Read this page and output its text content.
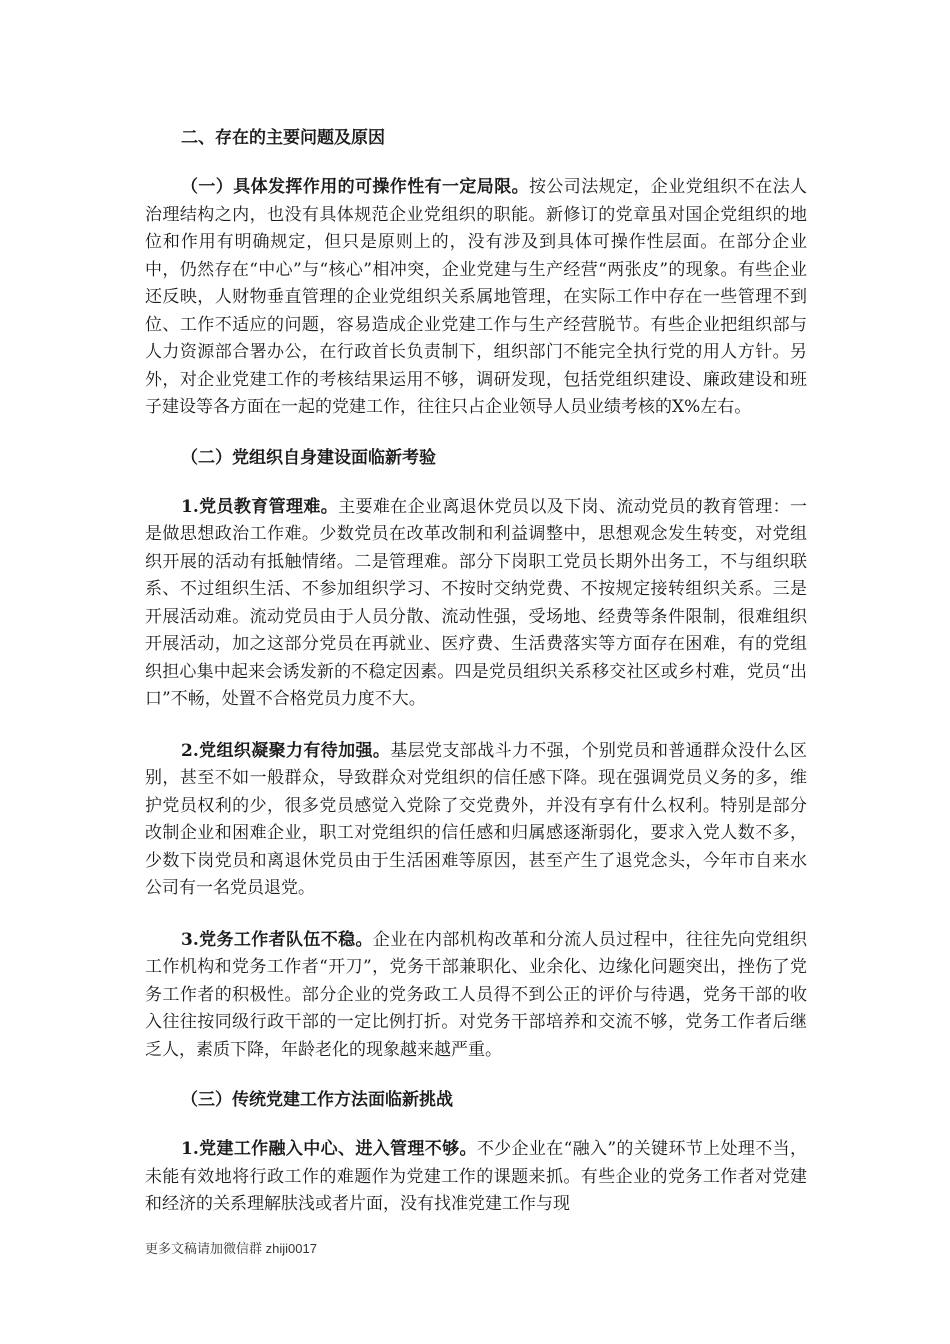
二、存在的主要问题及原因

（一）具体发挥作用的可操作性有一定局限。按公司法规定，企业党组织不在法人治理结构之内，也没有具体规范企业党组织的职能。新修订的党章虽对国企党组织的地位和作用有明确规定，但只是原则上的，没有涉及到具体可操作性层面。在部分企业中，仍然存在“中心”与“核心”相冲突，企业党建与生产经营“两张皮”的现象。有些企业还反映，人财物垂直管理的企业党组织关系属地管理，在实际工作中存在一些管理不到位、工作不适应的问题，容易造成企业党建工作与生产经营脱节。有些企业把组织部与人力资源部合署办公，在行政首长负责制下，组织部门不能完全执行党的用人方针。另外，对企业党建工作的考核结果运用不够，调研发现，包括党组织建设、廉政建设和班子建设等各方面在一起的党建工作，往往只占企业领导人员业绩考核的X%左右。

（二）党组织自身建设面临新考验

1.党员教育管理难。主要难在企业离退休党员以及下岗、流动党员的教育管理：一是做思想政治工作难。少数党员在改革改制和利益调整中，思想观念发生转变，对党组织开展的活动有抵触情绪。二是管理难。部分下岗职工党员长期外出务工，不与组织联系、不过组织生活、不参加组织学习、不按时交纳党费、不按规定接转组织关系。三是开展活动难。流动党员由于人员分散、流动性强，受场地、经费等条件限制，很难组织开展活动，加之这部分党员在再就业、医疗费、生活费落实等方面存在困难，有的党组织担心集中起来会诱发新的不稳定因素。四是党员组织关系移交社区或乡村难，党员“出口”不畅，处置不合格党员力度不大。

2.党组织凝聚力有待加强。基层党支部战斗力不强，个别党员和普通群众没什么区别，甚至不如一般群众，导致群众对党组织的信任感下降。现在强调党员义务的多，维护党员权利的少，很多党员感觉入党除了交党费外，并没有享有什么权利。特别是部分改制企业和困难企业，职工对党组织的信任感和归属感逐渐弱化，要求入党人数不多，少数下岗党员和离退休党员由于生活困难等原因，甚至产生了退党念头，今年市自来水公司有一名党员退党。

3.党务工作者队伍不稳。企业在内部机构改革和分流人员过程中，往往先向党组织工作机构和党务工作者“开刀”，党务干部兼职化、业余化、边缘化问题突出，挫伤了党务工作者的积极性。部分企业的党务政工人员得不到公正的评价与待遇，党务干部的收入往往按同级行政干部的一定比例打折。对党务干部培养和交流不够，党务工作者后继乏人，素质下降，年龄老化的现象越来越严重。

（三）传统党建工作方法面临新挑战

1.党建工作融入中心、进入管理不够。不少企业在“融入”的关键环节上处理不当，未能有效地将行政工作的难题作为党建工作的课题来抓。有些企业的党务工作者对党建和经济的关系理解肤浅或者片面，没有找准党建工作与现

更多文稿请加微信群 zhiji0017
